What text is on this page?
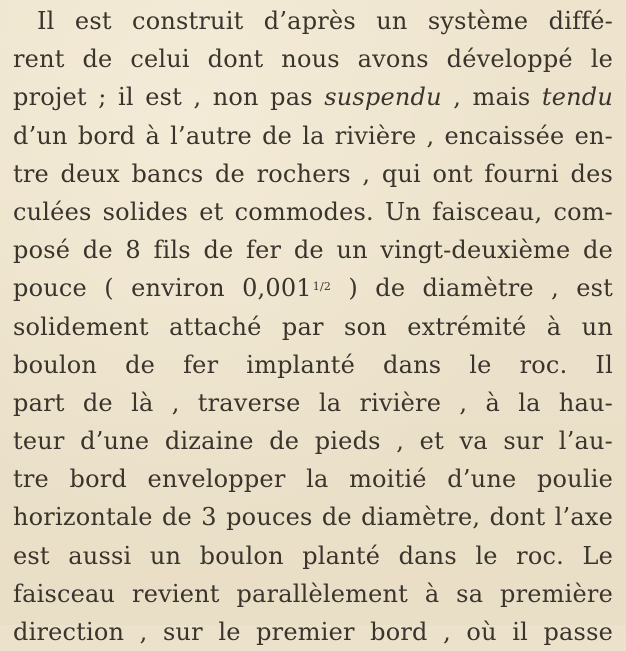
Il est construit d’après un système diffé-
rent de celui dont nous avons développé le
projet ; il est , non pas suspendu , mais tendu
d’un bord à l’autre de la rivière , encaissée en-
tre deux bancs de rochers , qui ont fourni des
culées solides et commodes. Un faisceau, com-
posé de 8 fils de fer de un vingt-deuxième de
pouce ( environ 0,0011/2 ) de diamètre , est
solidement attaché par son extrémité à un
boulon de fer implanté dans le roc. Il
part de là , traverse la rivière , à la hau-
teur d’une dizaine de pieds , et va sur l’au-
tre bord envelopper la moitié d’une poulie
horizontale de 3 pouces de diamètre, dont l’axe
est aussi un boulon planté dans le roc. Le
faisceau revient parallèlement à sa première
direction , sur le premier bord , où il passe
